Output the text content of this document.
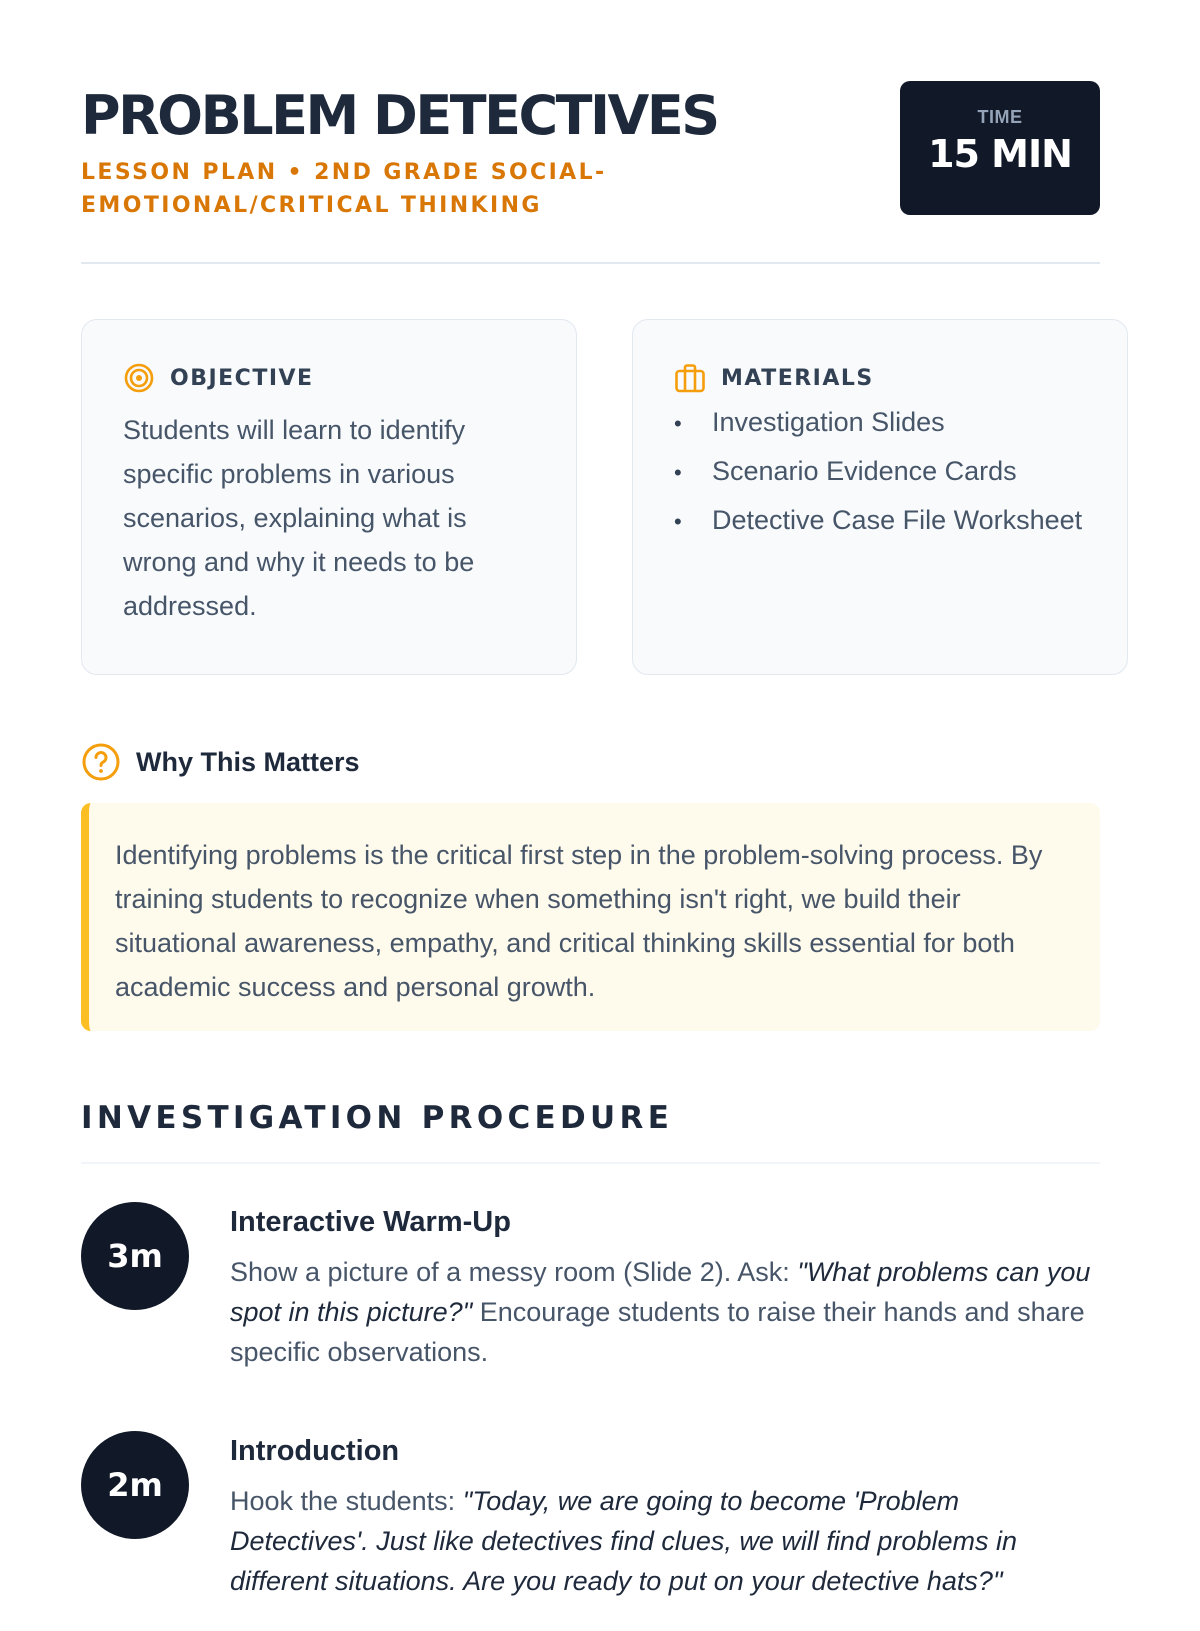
PROBLEM DETECTIVES
LESSON PLAN • 2ND GRADE SOCIAL-EMOTIONAL/CRITICAL THINKING
TIME
15 MIN
OBJECTIVE
Students will learn to identify specific problems in various scenarios, explaining what is wrong and why it needs to be addressed.
MATERIALS
• Investigation Slides
• Scenario Evidence Cards
• Detective Case File Worksheet
Why This Matters
Identifying problems is the critical first step in the problem-solving process. By training students to recognize when something isn't right, we build their situational awareness, empathy, and critical thinking skills essential for both academic success and personal growth.
INVESTIGATION PROCEDURE
3m
Interactive Warm-Up
Show a picture of a messy room (Slide 2). Ask: "What problems can you spot in this picture?" Encourage students to raise their hands and share specific observations.
2m
Introduction
Hook the students: "Today, we are going to become 'Problem Detectives'. Just like detectives find clues, we will find problems in different situations. Are you ready to put on your detective hats?"
